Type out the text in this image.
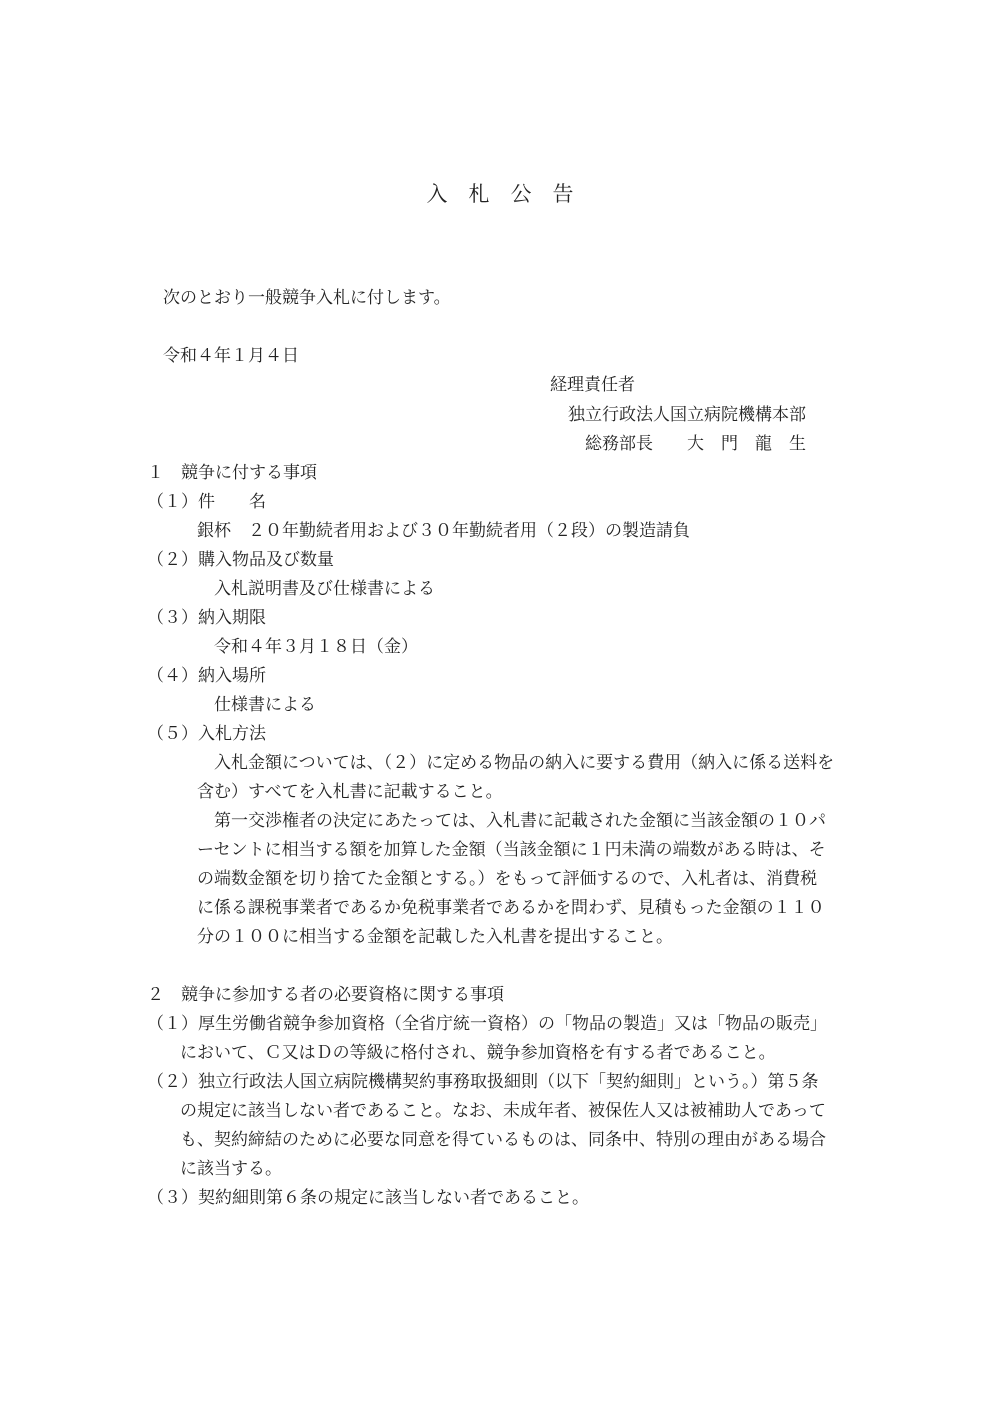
入　札　公　告
次のとおり一般競争入札に付します。
令和４年１月４日
経理責任者
独立行政法人国立病院機構本部
総務部長　　大　門　龍　生
１　競争に付する事項
（１）件　　名
銀杯　２０年勤続者用および３０年勤続者用（２段）の製造請負
（２）購入物品及び数量
入札説明書及び仕様書による
（３）納入期限
令和４年３月１８日（金）
（４）納入場所
仕様書による
（５）入札方法
入札金額については、（２）に定める物品の納入に要する費用（納入に係る送料を
含む）すべてを入札書に記載すること。
第一交渉権者の決定にあたっては、入札書に記載された金額に当該金額の１０パ
ーセントに相当する額を加算した金額（当該金額に１円未満の端数がある時は、そ
の端数金額を切り捨てた金額とする。）をもって評価するので、入札者は、消費税
に係る課税事業者であるか免税事業者であるかを問わず、見積もった金額の１１０
分の１００に相当する金額を記載した入札書を提出すること。
２　競争に参加する者の必要資格に関する事項
（１）厚生労働省競争参加資格（全省庁統一資格）の「物品の製造」又は「物品の販売」
において、Ｃ又はＤの等級に格付され、競争参加資格を有する者であること。
（２）独立行政法人国立病院機構契約事務取扱細則（以下「契約細則」という。）第５条
の規定に該当しない者であること。なお、未成年者、被保佐人又は被補助人であって
も、契約締結のために必要な同意を得ているものは、同条中、特別の理由がある場合
に該当する。
（３）契約細則第６条の規定に該当しない者であること。
